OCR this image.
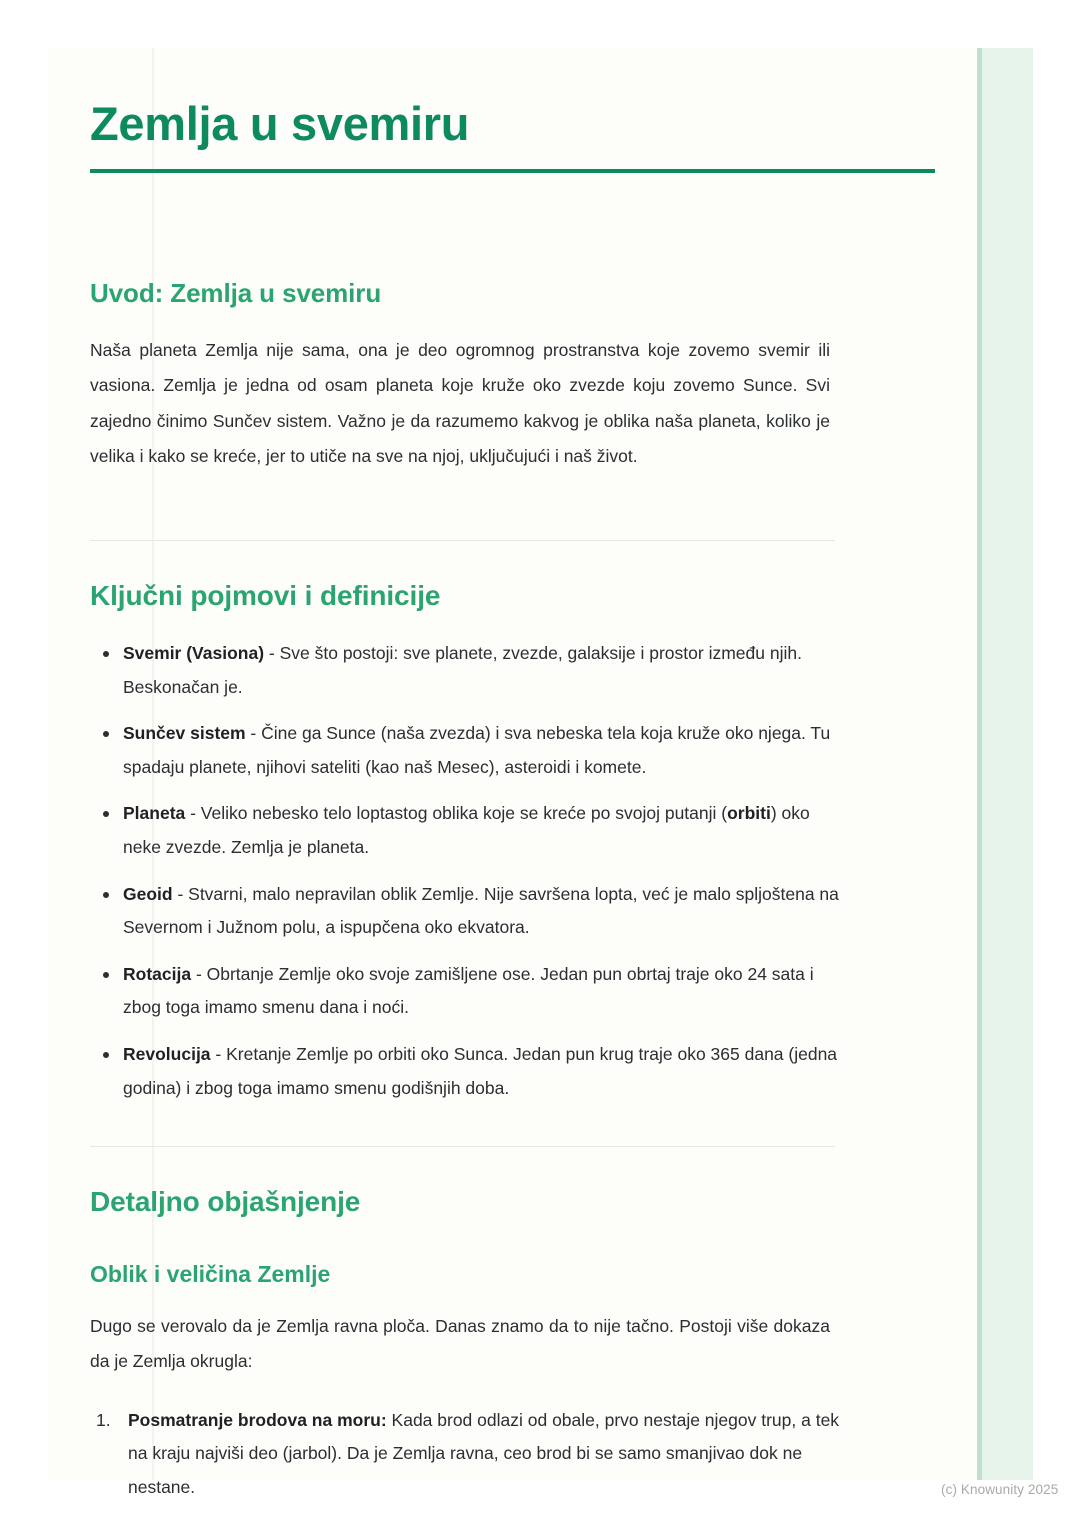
Zemlja u svemiru
Uvod: Zemlja u svemiru

Naša planeta Zemlja nije sama, ona je deo ogromnog prostranstva koje zovemo svemir ili vasiona. Zemlja je jedna od osam planeta koje kruže oko zvezde koju zovemo Sunce. Svi zajedno činimo Sunčev sistem. Važno je da razumemo kakvog je oblika naša planeta, koliko je velika i kako se kreće, jer to utiče na sve na njoj, uključujući i naš život.

Ključni pojmovi i definicije
Svemir (Vasiona) - Sve što postoji: sve planete, zvezde, galaksije i prostor između njih. Beskonačan je.
Sunčev sistem - Čine ga Sunce (naša zvezda) i sva nebeska tela koja kruže oko njega. Tu spadaju planete, njihovi sateliti (kao naš Mesec), asteroidi i komete.
Planeta - Veliko nebesko telo loptastog oblika koje se kreće po svojoj putanji (orbiti) oko neke zvezde. Zemlja je planeta.
Geoid - Stvarni, malo nepravilan oblik Zemlje. Nije savršena lopta, već je malo spljoštena na Severnom i Južnom polu, a ispupčena oko ekvatora.
Rotacija - Obrtanje Zemlje oko svoje zamišljene ose. Jedan pun obrtaj traje oko 24 sata i zbog toga imamo smenu dana i noći.
Revolucija - Kretanje Zemlje po orbiti oko Sunca. Jedan pun krug traje oko 365 dana (jedna godina) i zbog toga imamo smenu godišnjih doba.
Detaljno objašnjenje
Oblik i veličina Zemlje

Dugo se verovalo da je Zemlja ravna ploča. Danas znamo da to nije tačno. Postoji više dokaza da je Zemlja okrugla:

Posmatranje brodova na moru: Kada brod odlazi od obale, prvo nestaje njegov trup, a tek na kraju najviši deo (jarbol). Da je Zemlja ravna, ceo brod bi se samo smanjivao dok ne nestane.	(c) Knowunity 2025
